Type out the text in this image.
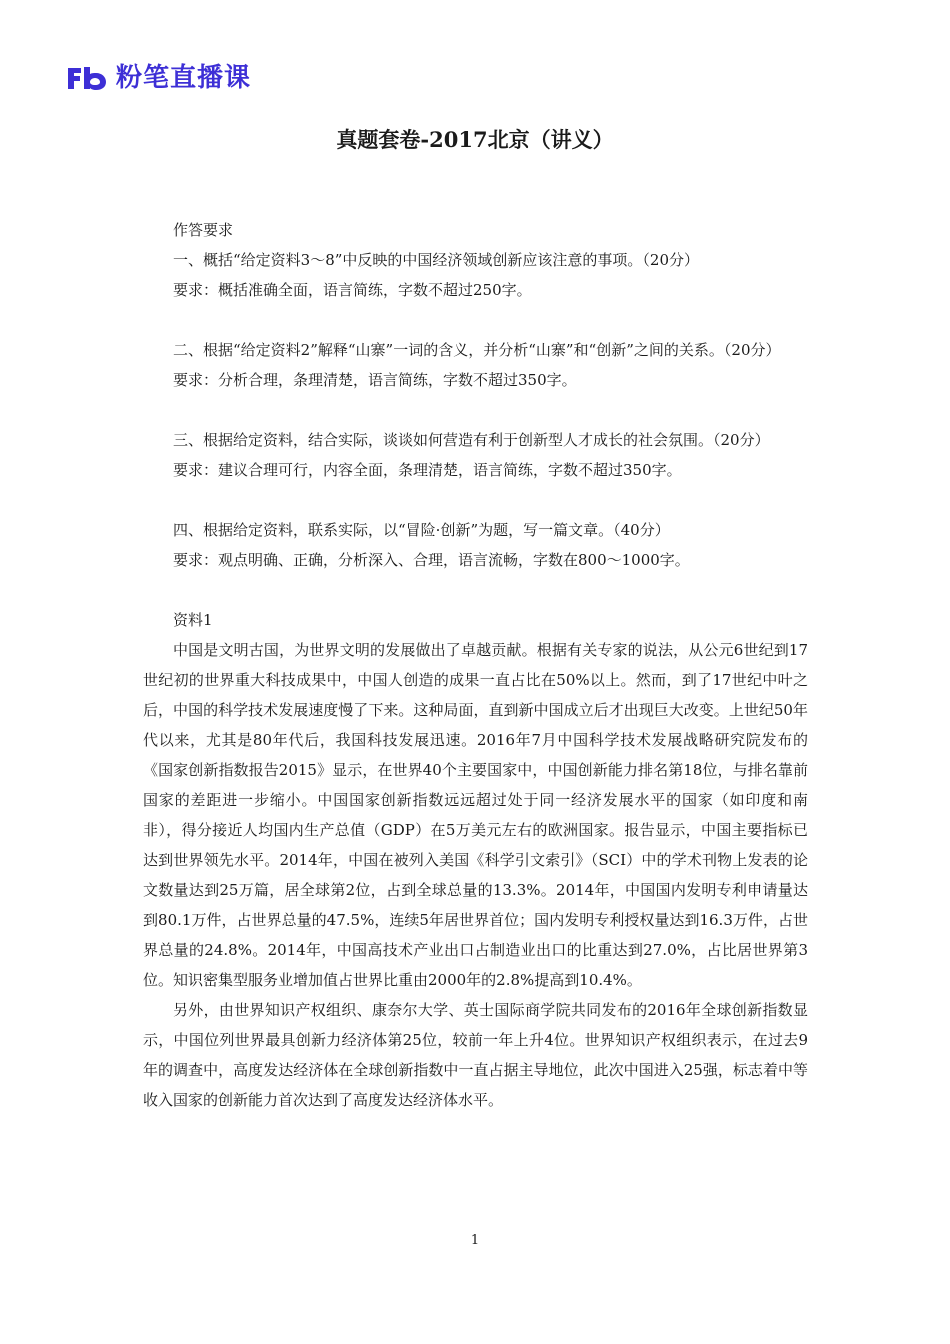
粉笔直播课
真题套卷-2017北京（讲义）

作答要求

一、概括“给定资料3～8”中反映的中国经济领域创新应该注意的事项。（20分）

要求：概括准确全面，语言简练，字数不超过250字。

二、根据“给定资料2”解释“山寨”一词的含义，并分析“山寨”和“创新”之间的关系。（20分）

要求：分析合理，条理清楚，语言简练，字数不超过350字。

三、根据给定资料，结合实际，谈谈如何营造有利于创新型人才成长的社会氛围。（20分）

要求：建议合理可行，内容全面，条理清楚，语言简练，字数不超过350字。

四、根据给定资料，联系实际，以“冒险·创新”为题，写一篇文章。（40分）

要求：观点明确、正确，分析深入、合理，语言流畅，字数在800～1000字。

资料1

中国是文明古国，为世界文明的发展做出了卓越贡献。根据有关专家的说法，从公元6世纪到17世纪初的世界重大科技成果中，中国人创造的成果一直占比在50%以上。然而，到了17世纪中叶之后，中国的科学技术发展速度慢了下来。这种局面，直到新中国成立后才出现巨大改变。上世纪50年代以来，尤其是80年代后，我国科技发展迅速。2016年7月中国科学技术发展战略研究院发布的《国家创新指数报告2015》显示，在世界40个主要国家中，中国创新能力排名第18位，与排名靠前国家的差距进一步缩小。中国国家创新指数远远超过处于同一经济发展水平的国家（如印度和南非），得分接近人均国内生产总值（GDP）在5万美元左右的欧洲国家。报告显示，中国主要指标已达到世界领先水平。2014年，中国在被列入美国《科学引文索引》（SCI）中的学术刊物上发表的论文数量达到25万篇，居全球第2位，占到全球总量的13.3%。2014年，中国国内发明专利申请量达到80.1万件，占世界总量的47.5%，连续5年居世界首位；国内发明专利授权量达到16.3万件，占世界总量的24.8%。2014年，中国高技术产业出口占制造业出口的比重达到27.0%，占比居世界第3位。知识密集型服务业增加值占世界比重由2000年的2.8%提高到10.4%。

另外，由世界知识产权组织、康奈尔大学、英士国际商学院共同发布的2016年全球创新指数显示，中国位列世界最具创新力经济体第25位，较前一年上升4位。世界知识产权组织表示，在过去9年的调查中，高度发达经济体在全球创新指数中一直占据主导地位，此次中国进入25强，标志着中等收入国家的创新能力首次达到了高度发达经济体水平。

1
